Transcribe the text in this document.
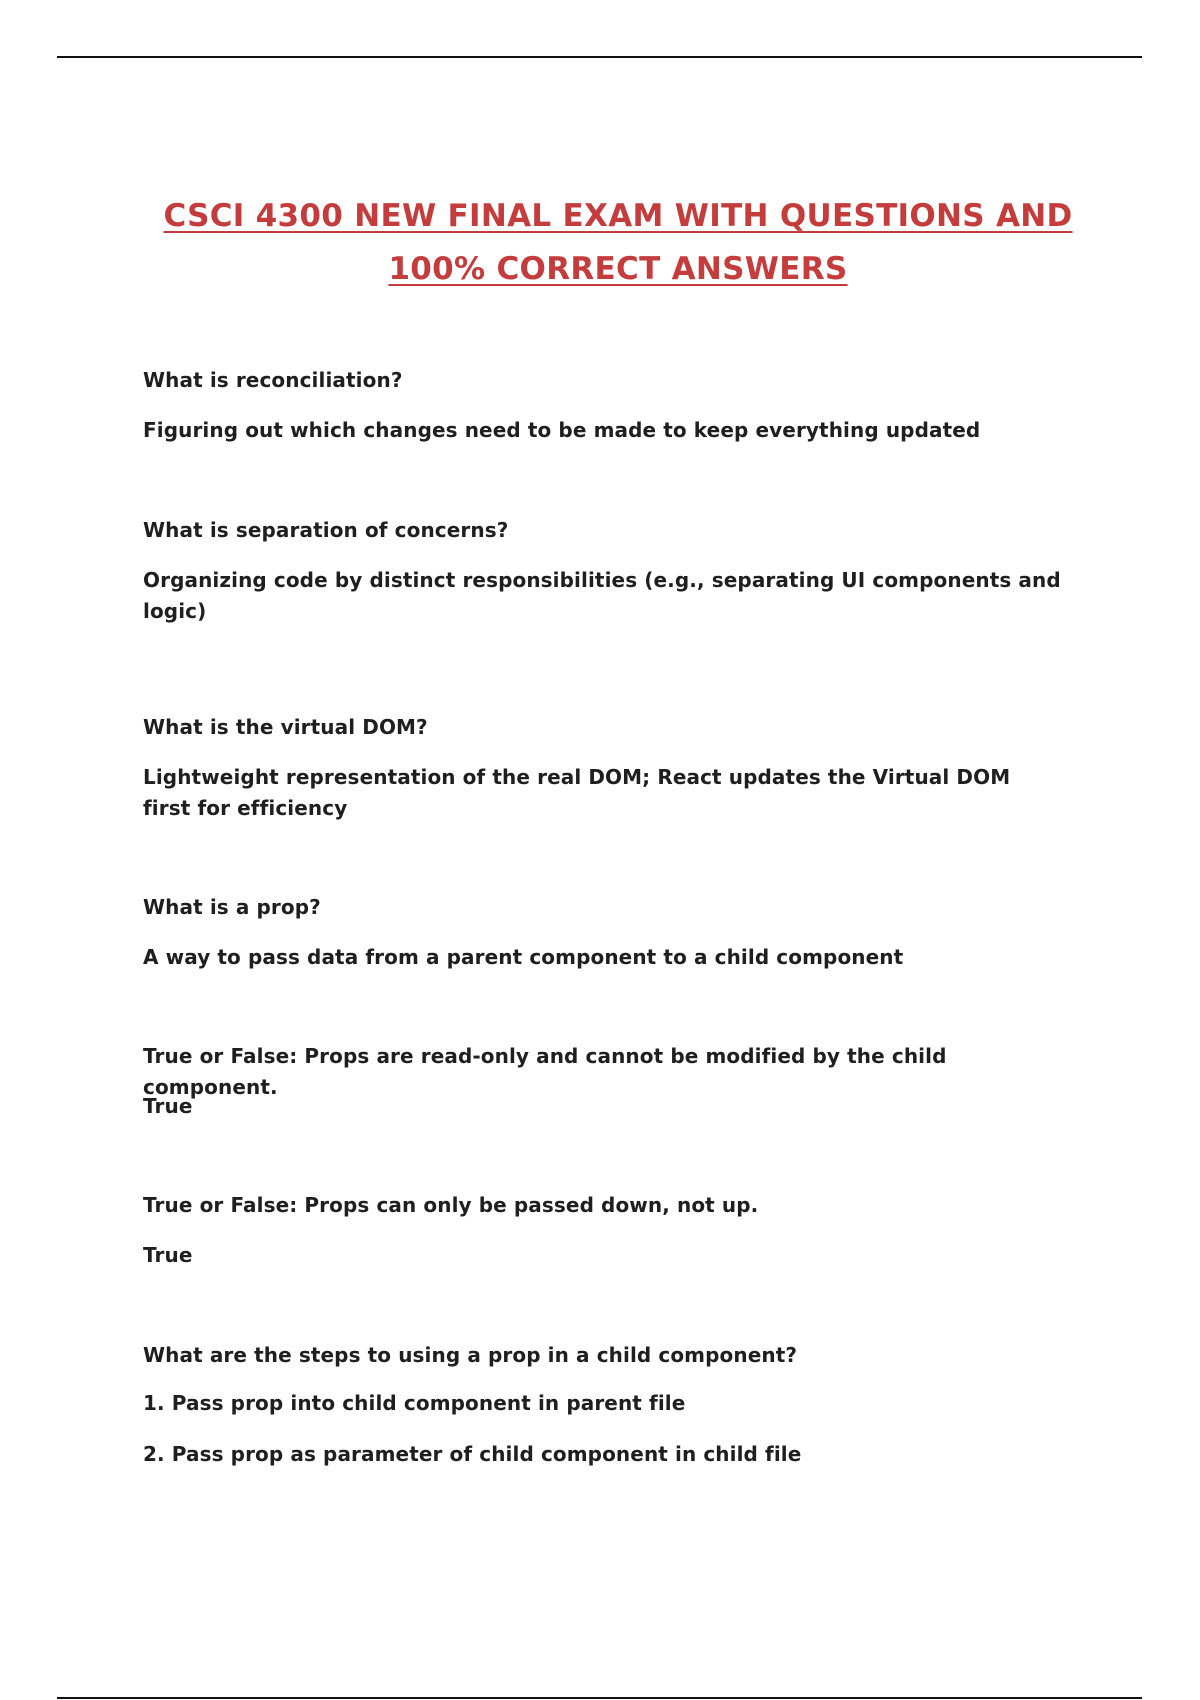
CSCI 4300 NEW FINAL EXAM WITH QUESTIONS AND
100% CORRECT ANSWERS
What is reconciliation?
Figuring out which changes need to be made to keep everything updated
What is separation of concerns?
Organizing code by distinct responsibilities (e.g., separating UI components and logic)
What is the virtual DOM?
Lightweight representation of the real DOM; React updates the Virtual DOM first for efficiency
What is a prop?
A way to pass data from a parent component to a child component
True or False: Props are read-only and cannot be modified by the child component.
True
True or False: Props can only be passed down, not up.
True
What are the steps to using a prop in a child component?
1. Pass prop into child component in parent file
2. Pass prop as parameter of child component in child file
